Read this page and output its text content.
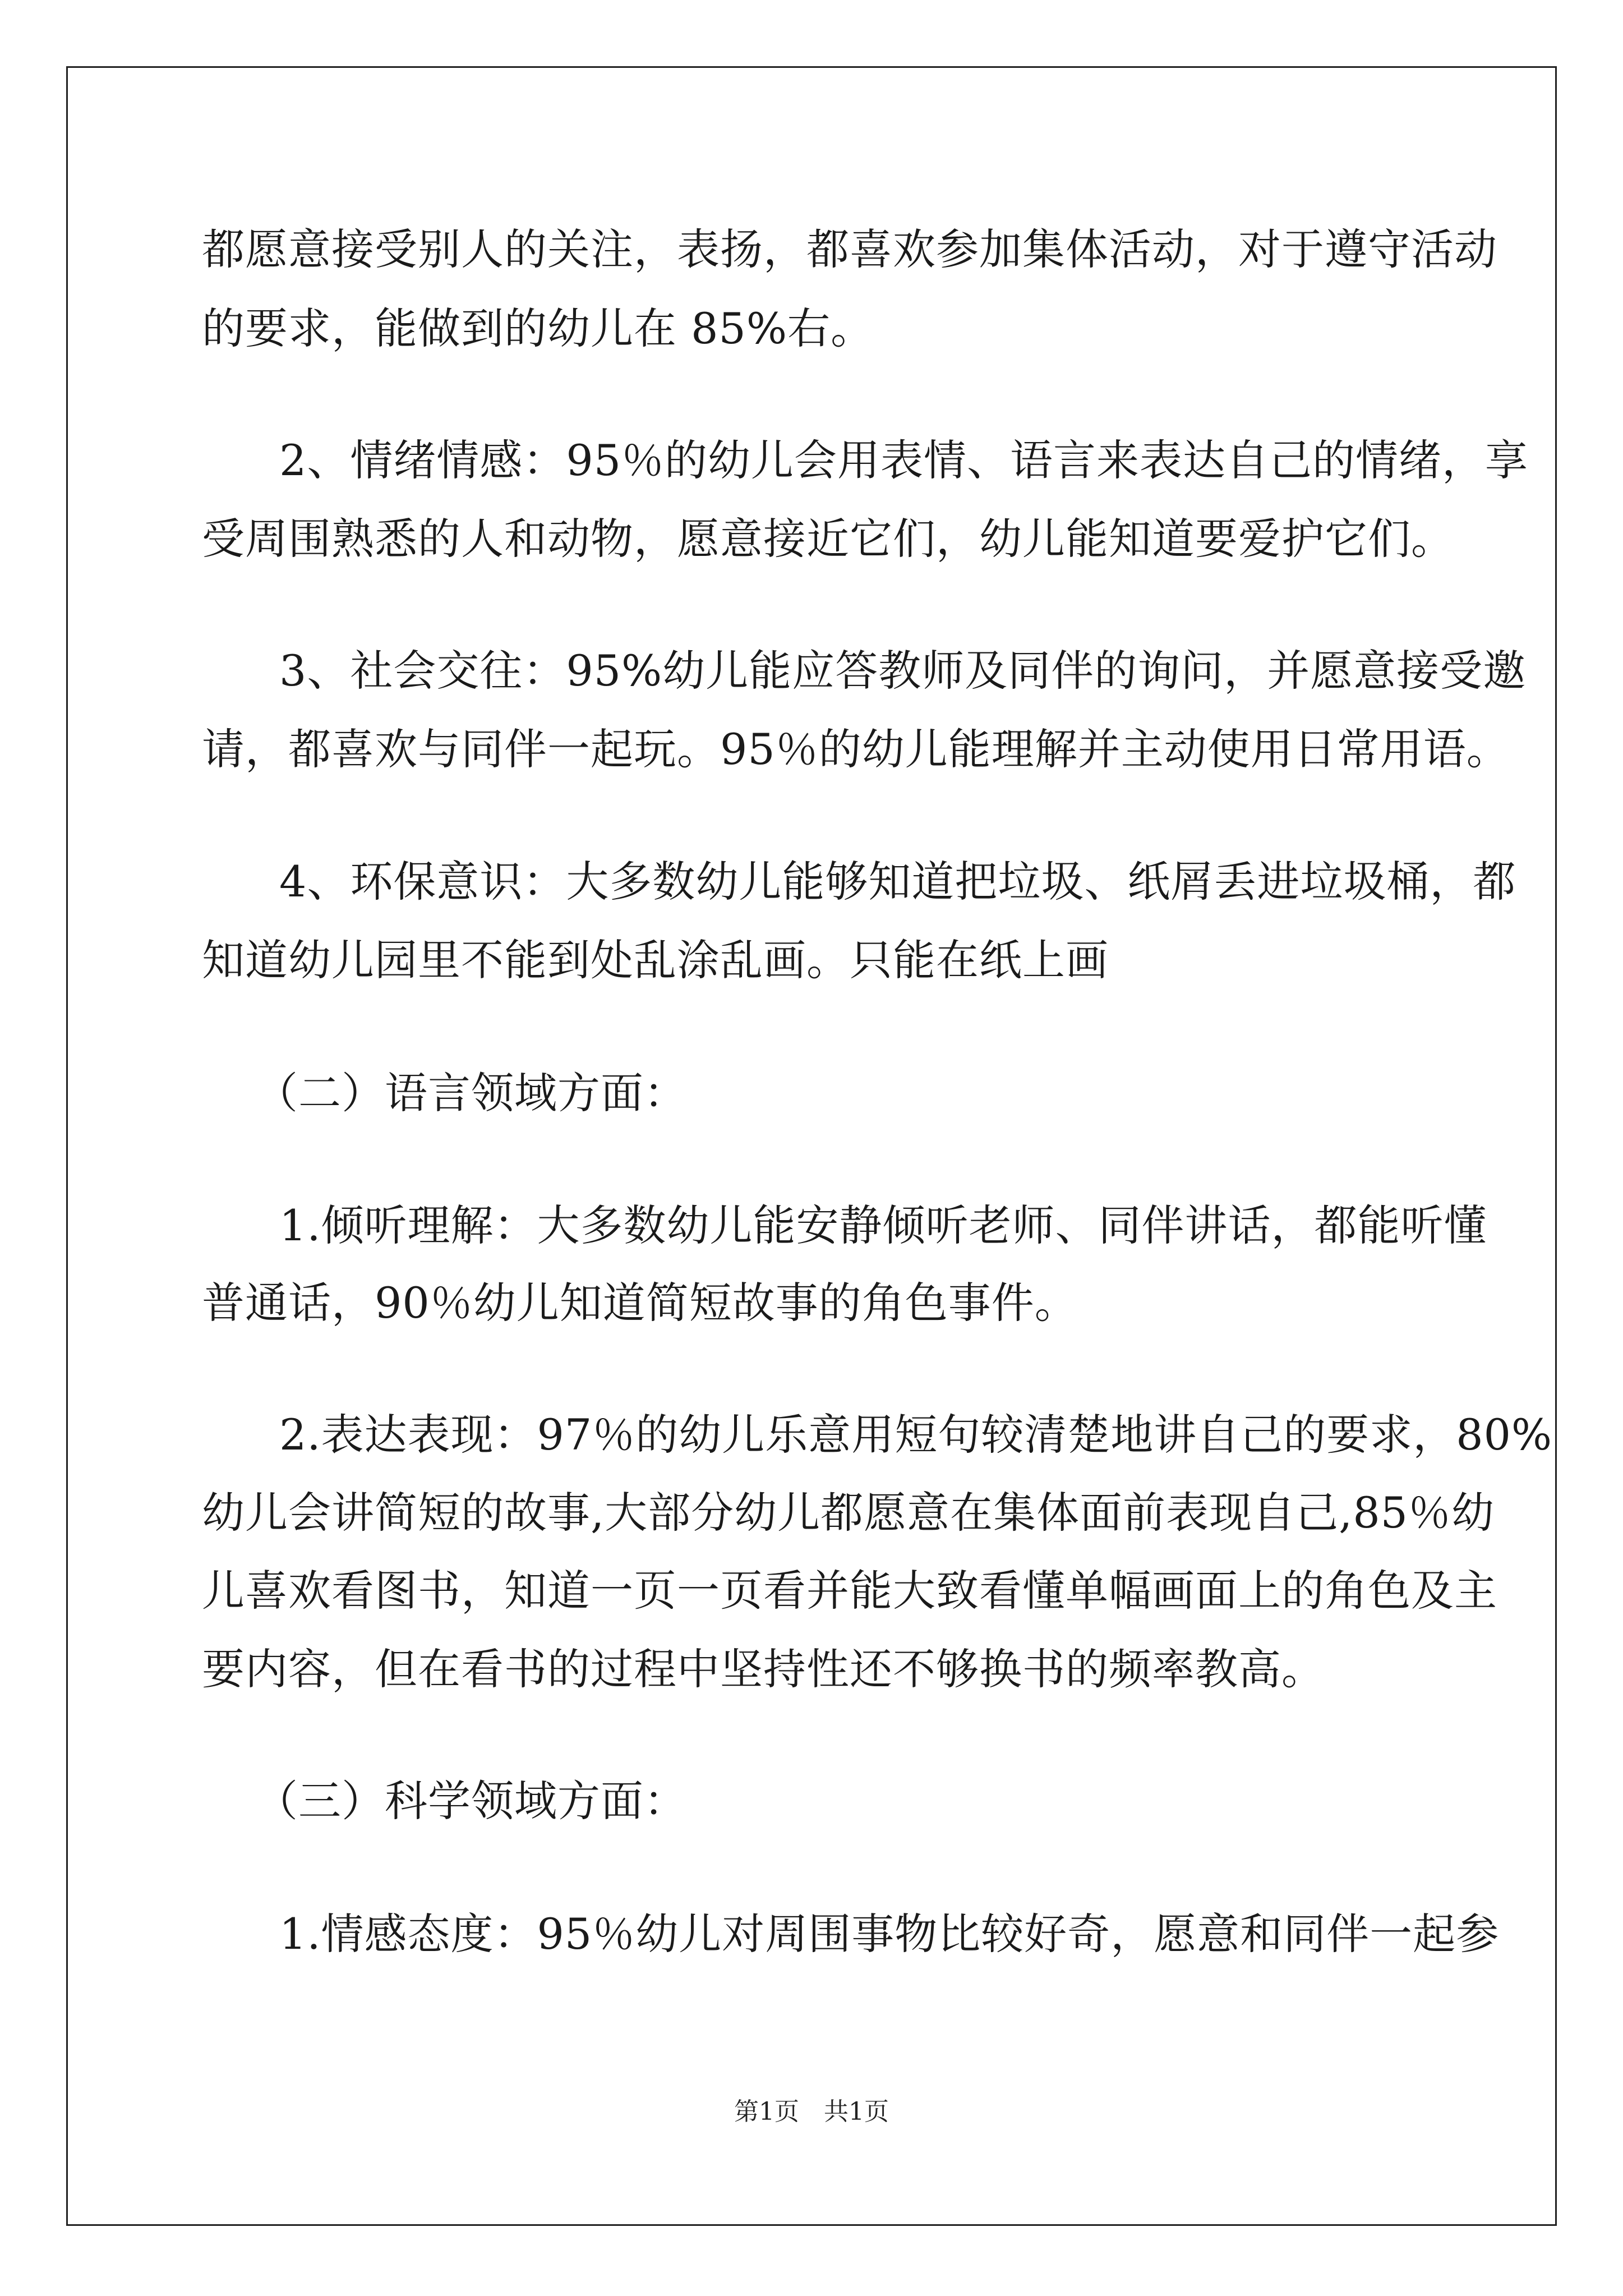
都愿意接受别人的关注，表扬，都喜欢参加集体活动，对于遵守活动
的要求，能做到的幼儿在 85%右。
2、情绪情感：95％的幼儿会用表情、语言来表达自己的情绪，享
受周围熟悉的人和动物，愿意接近它们，幼儿能知道要爱护它们。
3、社会交往：95%幼儿能应答教师及同伴的询问，并愿意接受邀
请，都喜欢与同伴一起玩。95％的幼儿能理解并主动使用日常用语。
4、环保意识：大多数幼儿能够知道把垃圾、纸屑丢进垃圾桶，都
知道幼儿园里不能到处乱涂乱画。只能在纸上画
（二）语言领域方面：
1.倾听理解：大多数幼儿能安静倾听老师、同伴讲话，都能听懂
普通话，90％幼儿知道简短故事的角色事件。
2.表达表现：97％的幼儿乐意用短句较清楚地讲自己的要求，80%
幼儿会讲简短的故事,大部分幼儿都愿意在集体面前表现自己,85％幼
儿喜欢看图书，知道一页一页看并能大致看懂单幅画面上的角色及主
要内容，但在看书的过程中坚持性还不够换书的频率教高。
（三）科学领域方面：
1.情感态度：95％幼儿对周围事物比较好奇，愿意和同伴一起参
第1页　共1页
